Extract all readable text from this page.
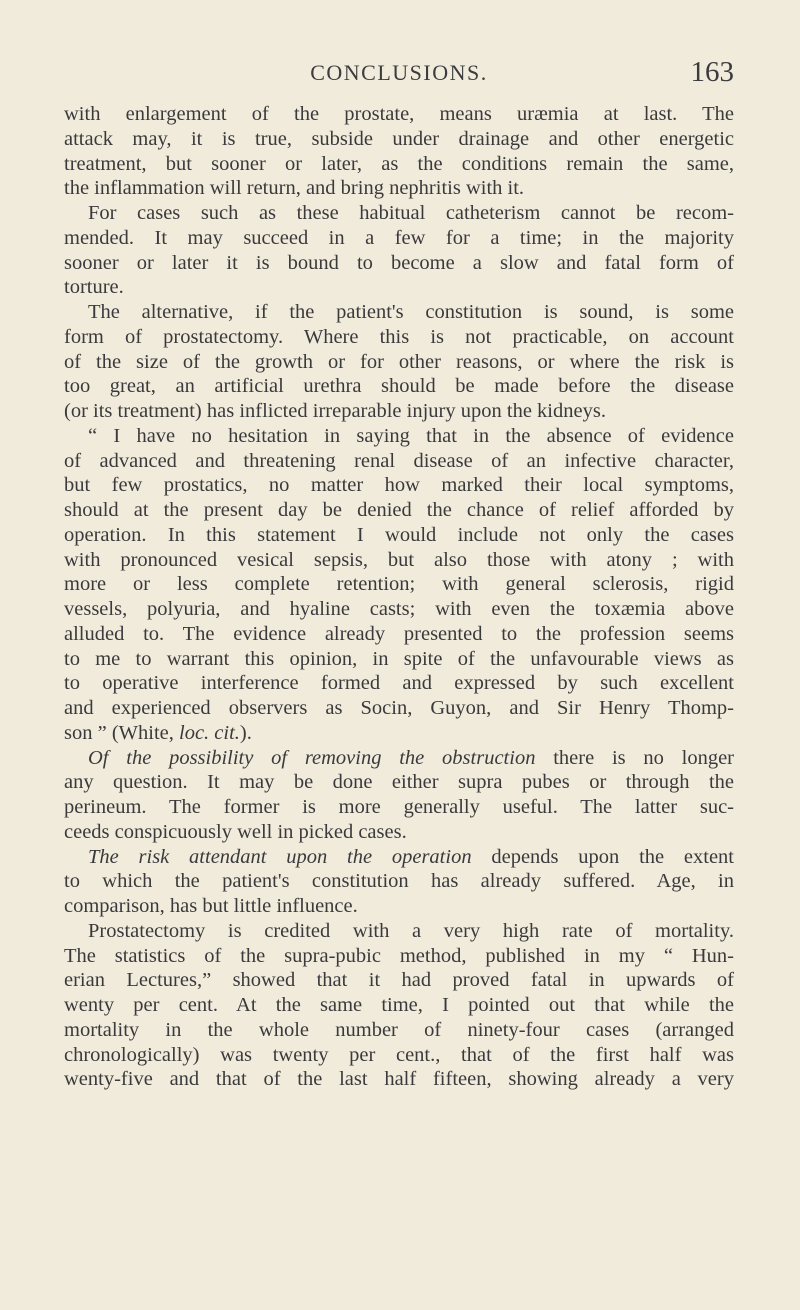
CONCLUSIONS.	163
with enlargement of the prostate, means uræmia at last. The
attack may, it is true, subside under drainage and other energetic
treatment, but sooner or later, as the conditions remain the same,
the inflammation will return, and bring nephritis with it.
For cases such as these habitual catheterism cannot be recom-
mended. It may succeed in a few for a time; in the majority
sooner or later it is bound to become a slow and fatal form of
torture.
The alternative, if the patient's constitution is sound, is some
form of prostatectomy. Where this is not practicable, on account
of the size of the growth or for other reasons, or where the risk is
too great, an artificial urethra should be made before the disease
(or its treatment) has inflicted irreparable injury upon the kidneys.
“ I have no hesitation in saying that in the absence of evidence
of advanced and threatening renal disease of an infective character,
but few prostatics, no matter how marked their local symptoms,
should at the present day be denied the chance of relief afforded by
operation. In this statement I would include not only the cases
with pronounced vesical sepsis, but also those with atony ; with
more or less complete retention; with general sclerosis, rigid
vessels, polyuria, and hyaline casts; with even the toxæmia above
alluded to. The evidence already presented to the profession seems
to me to warrant this opinion, in spite of the unfavourable views as
to operative interference formed and expressed by such excellent
and experienced observers as Socin, Guyon, and Sir Henry Thomp-
son ” (White, loc. cit.).
Of the possibility of removing the obstruction there is no longer
any question. It may be done either supra pubes or through the
perineum. The former is more generally useful. The latter suc-
ceeds conspicuously well in picked cases.
The risk attendant upon the operation depends upon the extent
to which the patient's constitution has already suffered. Age, in
comparison, has but little influence.
Prostatectomy is credited with a very high rate of mortality.
The statistics of the supra-pubic method, published in my “ Hun-
erian Lectures,” showed that it had proved fatal in upwards of
wenty per cent. At the same time, I pointed out that while the
mortality in the whole number of ninety-four cases (arranged
chronologically) was twenty per cent., that of the first half was
wenty-five and that of the last half fifteen, showing already a very
